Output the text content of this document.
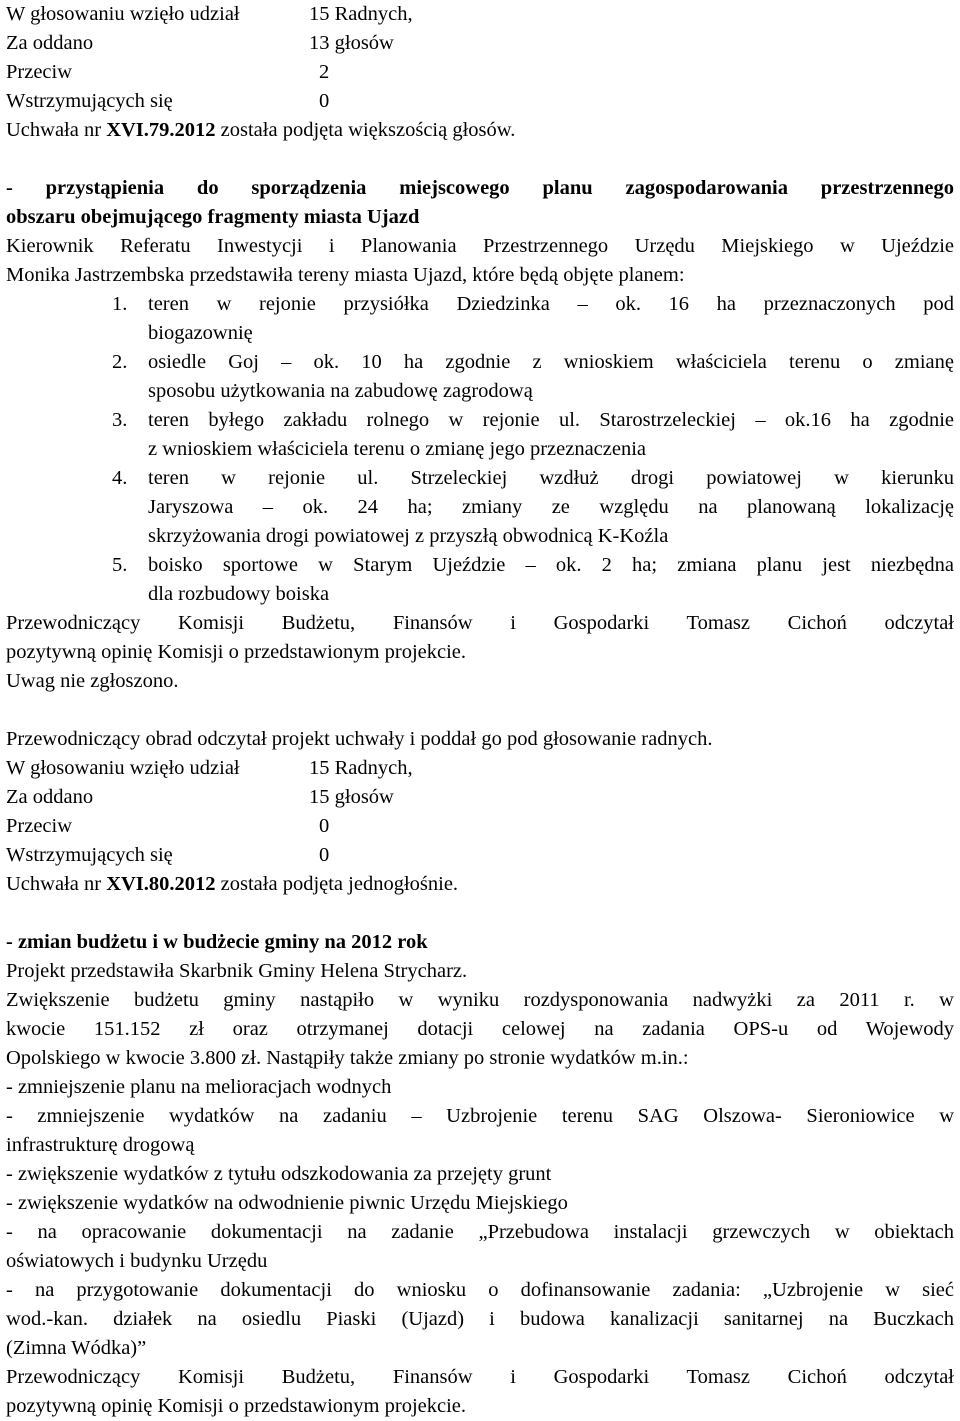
W głosowaniu wzięło udział	15 Radnych,
Za oddano	13 głosów
Przeciw	2
Wstrzymujących się	0
Uchwała nr XVI.79.2012 została podjęta większością głosów.
- przystąpienia do sporządzenia miejscowego planu zagospodarowania przestrzennego
obszaru obejmującego fragmenty miasta Ujazd
Kierownik Referatu Inwestycji i Planowania Przestrzennego Urzędu Miejskiego w Ujeździe
Monika Jastrzembska przedstawiła tereny miasta Ujazd, które będą objęte planem:
1.	teren w rejonie przysiółka Dziedzinka – ok. 16 ha przeznaczonych pod
biogazownię
2.	osiedle Goj – ok. 10 ha zgodnie z wnioskiem właściciela terenu o zmianę
sposobu użytkowania na zabudowę zagrodową
3.	teren byłego zakładu rolnego w rejonie ul. Starostrzeleckiej – ok.16 ha zgodnie
z wnioskiem właściciela terenu o zmianę jego przeznaczenia
4.	teren w rejonie ul. Strzeleckiej wzdłuż drogi powiatowej w kierunku
Jaryszowa – ok. 24 ha; zmiany ze względu na planowaną lokalizację
skrzyżowania drogi powiatowej z przyszłą obwodnicą K-Koźla
5.	boisko sportowe w Starym Ujeździe – ok. 2 ha; zmiana planu jest niezbędna
dla rozbudowy boiska
Przewodniczący Komisji Budżetu, Finansów i Gospodarki Tomasz Cichoń odczytał
pozytywną opinię Komisji o przedstawionym projekcie.
Uwag nie zgłoszono.
Przewodniczący obrad odczytał projekt uchwały i poddał go pod głosowanie radnych.
W głosowaniu wzięło udział	15 Radnych,
Za oddano	15 głosów
Przeciw	0
Wstrzymujących się	0
Uchwała nr XVI.80.2012 została podjęta jednogłośnie.
- zmian budżetu i w budżecie gminy na 2012 rok
Projekt przedstawiła Skarbnik Gminy Helena Strycharz.
Zwiększenie budżetu gminy nastąpiło w wyniku rozdysponowania nadwyżki za 2011 r. w
kwocie 151.152 zł oraz otrzymanej dotacji celowej na zadania OPS-u od Wojewody
Opolskiego w kwocie 3.800 zł. Nastąpiły także zmiany po stronie wydatków m.in.:
- zmniejszenie planu na melioracjach wodnych
- zmniejszenie wydatków na zadaniu – Uzbrojenie terenu SAG Olszowa- Sieroniowice w
infrastrukturę drogową
- zwiększenie wydatków z tytułu odszkodowania za przejęty grunt
- zwiększenie wydatków na odwodnienie piwnic Urzędu Miejskiego
- na opracowanie dokumentacji na zadanie „Przebudowa instalacji grzewczych w obiektach
oświatowych i budynku Urzędu
- na przygotowanie dokumentacji do wniosku o dofinansowanie zadania: „Uzbrojenie w sieć
wod.-kan. działek na osiedlu Piaski (Ujazd) i budowa kanalizacji sanitarnej na Buczkach
(Zimna Wódka)”
Przewodniczący Komisji Budżetu, Finansów i Gospodarki Tomasz Cichoń odczytał
pozytywną opinię Komisji o przedstawionym projekcie.
